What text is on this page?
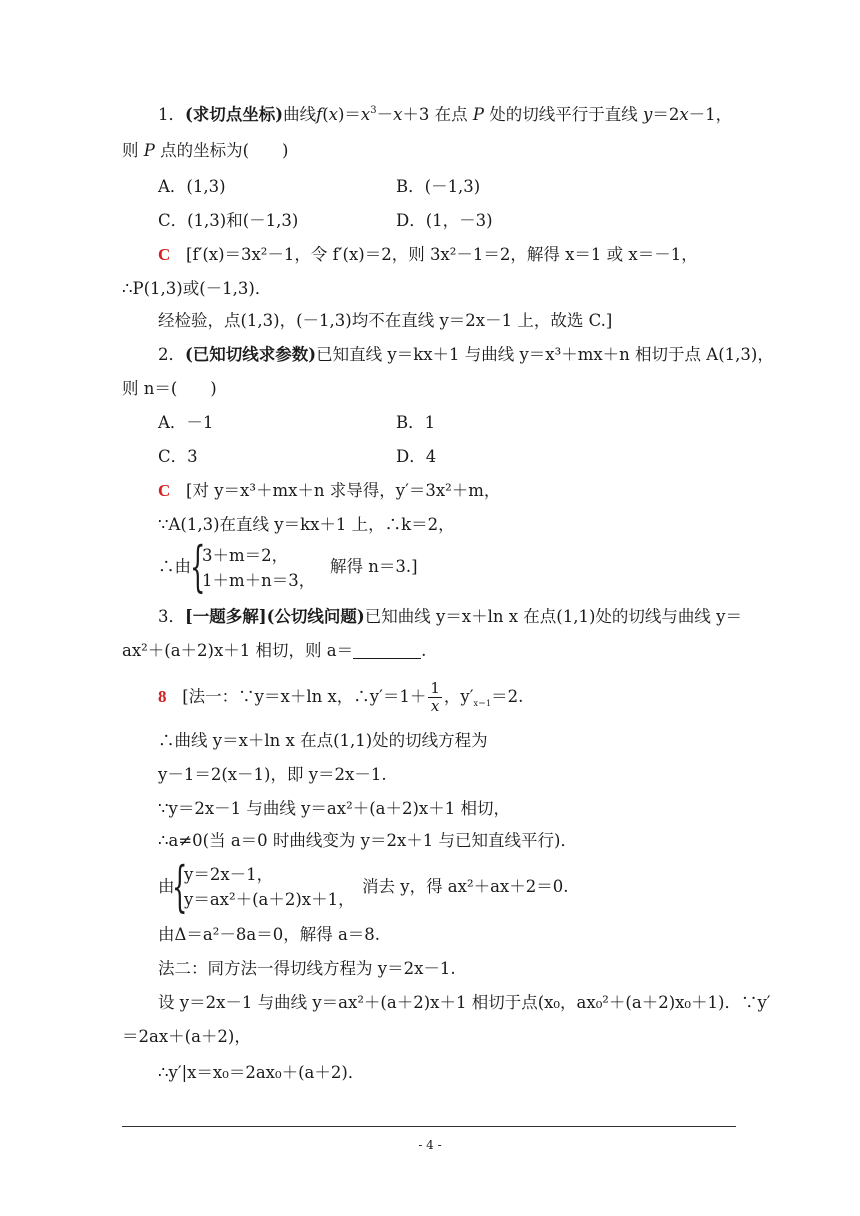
1．(求切点坐标)曲线$f(x)=x^3-x+3$ 在点 P 处的切线平行于直线 y＝2x－1，
则 P 点的坐标为(　　)
A．(1,3)	B．(－1,3)
C．(1,3)和(－1,3)	D．(1，－3)
C [f′(x)＝3x²－1，令 f′(x)＝2，则 3x²－1＝2，解得 x＝1 或 x＝－1，
∴P(1,3)或(－1,3)．
经检验，点(1,3)，(－1,3)均不在直线 y＝2x－1 上，故选 C.]
2．(已知切线求参数)已知直线 y＝kx＋1 与曲线 y＝x³＋mx＋n 相切于点 A(1,3)，
则 n＝(　　)
A．－1	B．1
C．3	D．4
C [对 y＝x³＋mx＋n 求导得，y′＝3x²＋m，
∵A(1,3)在直线 y＝kx＋1 上，∴k＝2，
∴由 {
3＋m＝2，
1＋m＋n＝3，
解得 n＝3.]
3．[一题多解](公切线问题)已知曲线 y＝x＋ln x 在点(1,1)处的切线与曲线 y＝
ax²＋(a＋2)x＋1 相切，则 a＝	.
8 [法一：∵y＝x＋ln x，∴y′＝1＋ $\frac{1}{x}$ ，$y'_{x=1}=2$.
∴曲线 y＝x＋ln x 在点(1,1)处的切线方程为
y－1＝2(x－1)，即 y＝2x－1.
∵y＝2x－1 与曲线 y＝ax²＋(a＋2)x＋1 相切，
∴a≠0(当 a＝0 时曲线变为 y＝2x＋1 与已知直线平行)．
由
{
y＝2x－1，
y＝ax²＋(a＋2)x＋1，
消去 y，得 ax²＋ax＋2＝0.
由Δ＝a²－8a＝0，解得 a＝8.
法二：同方法一得切线方程为 y＝2x－1.
设 y＝2x－1 与曲线 y＝ax²＋(a＋2)x＋1 相切于点(x₀，ax₀²＋(a＋2)x₀＋1)．∵y′
＝2ax＋(a＋2)，
∴y′|x＝x₀＝2ax₀＋(a＋2)．
- 4 -
